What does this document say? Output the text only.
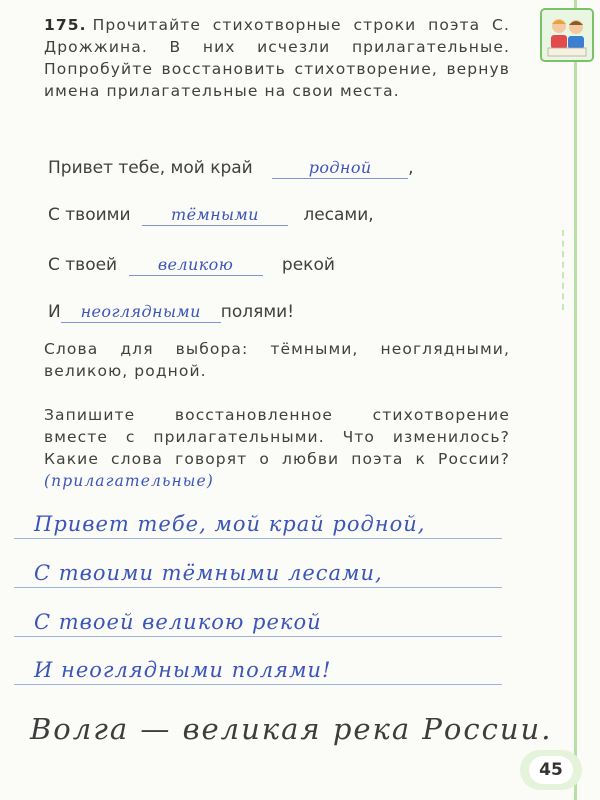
175. Прочитайте стихотворные строки поэта С. Дрожжина. В них исчезли прилагательные. Попробуйте восстановить стихотворение, вернув имена прилагательные на свои места.
Привет тебе, мой край	родной ,
С твоими	тёмными	лесами,
С твоей	великою	рекой
И неоглядными полями!
Слова для выбора: тёмными, неоглядными, великою, родной.
Запишите восстановленное стихотворение вместе с прилагательными. Что изменилось? Какие слова говорят о любви поэта к России? (прилагательные)
Привет тебе, мой край родной,
С твоими тёмными лесами,
С твоей великою рекой
И неоглядными полями!
Волга — великая река России.
45
